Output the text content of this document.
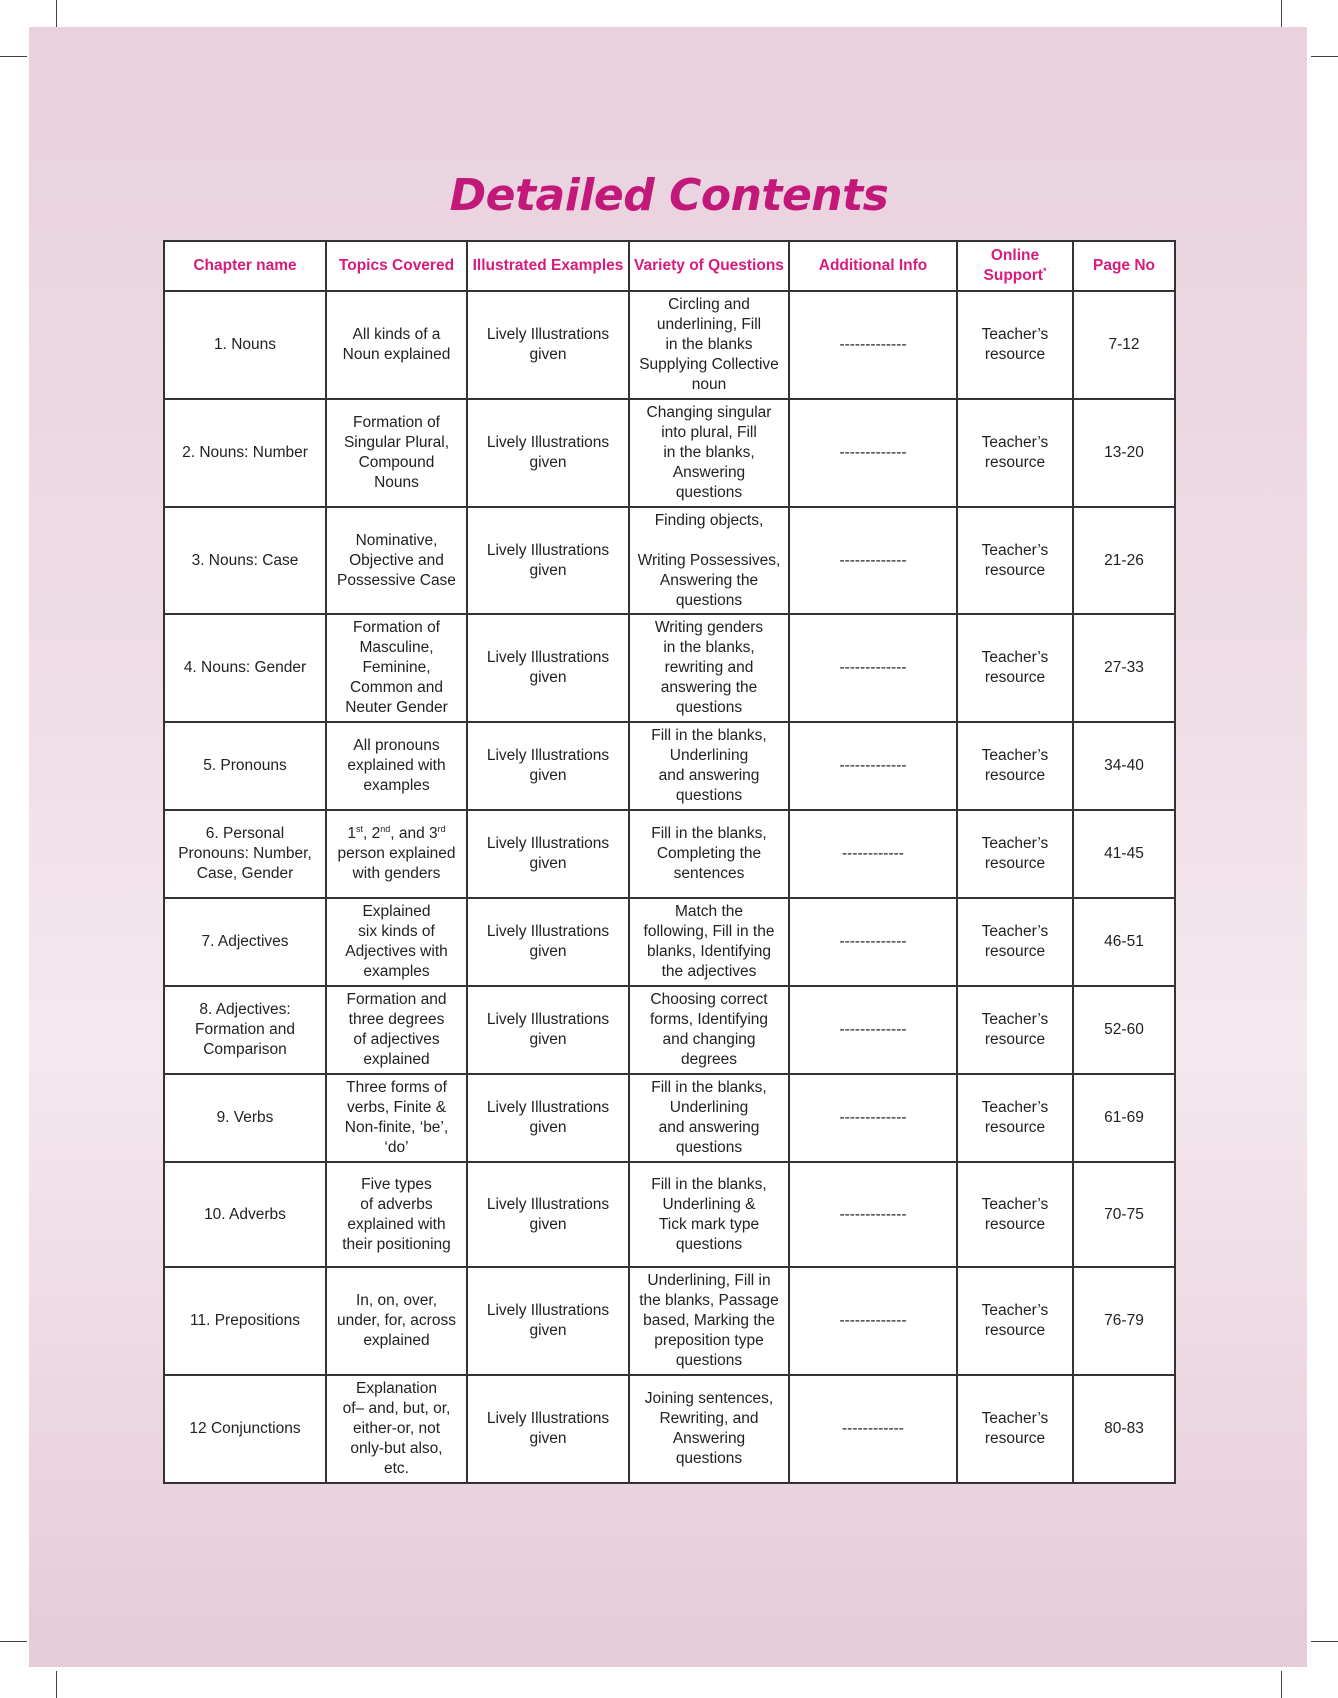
Detailed Contents
Chapter name	Topics Covered	Illustrated Examples	Variety of Questions	Additional Info	Online Support*	Page No
1. Nouns	All kinds of a
Noun explained	Lively Illustrations
given	Circling and
underlining, Fill
in the blanks
Supplying Collective
noun	-------------	Teacher’s
resource	7-12
2. Nouns: Number	Formation of
Singular Plural,
Compound
Nouns	Lively Illustrations
given	Changing singular
into plural, Fill
in the blanks,
Answering
questions	-------------	Teacher’s
resource	13-20
3. Nouns: Case	Nominative,
Objective and
Possessive Case	Lively Illustrations
given	Finding objects,

Writing Possessives,
Answering the
questions	-------------	Teacher’s
resource	21-26
4. Nouns: Gender	Formation of
Masculine,
Feminine,
Common and
Neuter Gender	Lively Illustrations
given	Writing genders
in the blanks,
rewriting and
answering the
questions	-------------	Teacher’s
resource	27-33
5. Pronouns	All pronouns
explained with
examples	Lively Illustrations
given	Fill in the blanks,
Underlining
and answering
questions	-------------	Teacher’s
resource	34-40
6. Personal
Pronouns: Number,
Case, Gender	1st, 2nd, and 3rd
person explained
with genders	Lively Illustrations
given	Fill in the blanks,
Completing the
sentences	------------	Teacher’s
resource	41-45
7. Adjectives	Explained
six kinds of
Adjectives with
examples	Lively Illustrations
given	Match the
following, Fill in the
blanks, Identifying
the adjectives	-------------	Teacher’s
resource	46-51
8. Adjectives:
Formation and
Comparison	Formation and
three degrees
of adjectives
explained	Lively Illustrations
given	Choosing correct
forms, Identifying
and changing
degrees	-------------	Teacher’s
resource	52-60
9. Verbs	Three forms of
verbs, Finite &
Non-finite, ‘be’,
‘do’	Lively Illustrations
given	Fill in the blanks,
Underlining
and answering
questions	-------------	Teacher’s
resource	61-69
10. Adverbs	Five types
of adverbs
explained with
their positioning	Lively Illustrations
given	Fill in the blanks,
Underlining &
Tick mark type
questions	-------------	Teacher’s
resource	70-75
11. Prepositions	In, on, over,
under, for, across
explained	Lively Illustrations
given	Underlining, Fill in
the blanks, Passage
based, Marking the
preposition type
questions	-------------	Teacher’s
resource	76-79
12 Conjunctions	Explanation
of– and, but, or,
either-or, not
only-but also,
etc.	Lively Illustrations
given	Joining sentences,
Rewriting, and
Answering
questions	------------	Teacher’s
resource	80-83
